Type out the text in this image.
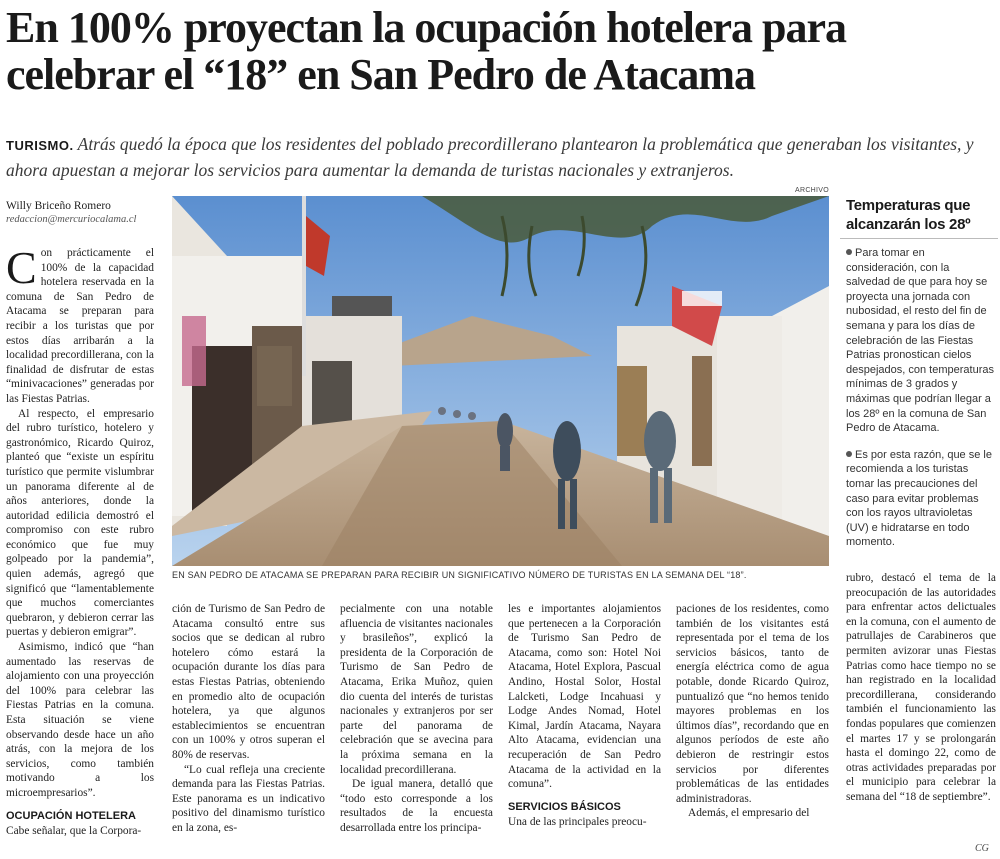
En 100% proyectan la ocupación hotelera para celebrar el “18” en San Pedro de Atacama

TURISMO. Atrás quedó la época que los residentes del poblado precordillerano plantearon la problemática que generaban los visitantes, y ahora apuestan a mejorar los servicios para aumentar la demanda de turistas nacionales y extranjeros.

Willy Briceño Romero
redaccion@mercuriocalama.cl
ARCHIVO
EN SAN PEDRO DE ATACAMA SE PREPARAN PARA RECIBIR UN SIGNIFICATIVO NÚMERO DE TURISTAS EN LA SEMANA DEL “18”.

Con prácticamente el 100% de la capacidad hotelera reservada en la comuna de San Pedro de Atacama se preparan para recibir a los turistas que por estos días arribarán a la localidad precordillerana, con la finalidad de disfrutar de estas “minivacaciones” generadas por las Fiestas Patrias.

Al respecto, el empresario del rubro turístico, hotelero y gastronómico, Ricardo Quiroz, planteó que “existe un espíritu turístico que permite vislumbrar un panorama diferente al de años anteriores, donde la autoridad edilicia demostró el compromiso con este rubro económico que fue muy golpeado por la pandemia”, quien además, agregó que significó que “lamentablemente que muchos comerciantes quebraron, y debieron cerrar las puertas y debieron emigrar”.

Asimismo, indicó que “han aumentado las reservas de alojamiento con una proyección del 100% para celebrar las Fiestas Patrias en la comuna. Esta situación se viene observando desde hace un año atrás, con la mejora de los servicios, como también motivando a los microempresarios”.

OCUPACIÓN HOTELERA

Cabe señalar, que la Corpora-

ción de Turismo de San Pedro de Atacama consultó entre sus socios que se dedican al rubro hotelero cómo estará la ocupación durante los días para estas Fiestas Patrias, obteniendo en promedio alto de ocupación hotelera, ya que algunos establecimientos se encuentran con un 100% y otros superan el 80% de reservas.

“Lo cual refleja una creciente demanda para las Fiestas Patrias. Este panorama es un indicativo positivo del dinamismo turístico en la zona, es-

pecialmente con una notable afluencia de visitantes nacionales y brasileños”, explicó la presidenta de la Corporación de Turismo de San Pedro de Atacama, Erika Muñoz, quien dio cuenta del interés de turistas nacionales y extranjeros por ser parte del panorama de celebración que se avecina para la próxima semana en la localidad precordillerana.

De igual manera, detalló que “todo esto corresponde a los resultados de la encuesta desarrollada entre los principa-

les e importantes alojamientos que pertenecen a la Corporación de Turismo San Pedro de Atacama, como son: Hotel Noi Atacama, Hotel Explora, Pascual Andino, Hostal Solor, Hostal Lalcketi, Lodge Incahuasi y Lodge Andes Nomad, Hotel Kimal, Jardín Atacama, Nayara Alto Atacama, evidencian una recuperación de San Pedro Atacama de la actividad en la comuna”.

SERVICIOS BÁSICOS

Una de las principales preocu-

paciones de los residentes, como también de los visitantes está representada por el tema de los servicios básicos, tanto de energía eléctrica como de agua potable, donde Ricardo Quiroz, puntualizó que “no hemos tenido mayores problemas en los últimos días”, recordando que en algunos períodos de este año debieron de restringir estos servicios por diferentes problemáticas de las entidades administradoras.

Además, el empresario del

rubro, destacó el tema de la preocupación de las autoridades para enfrentar actos delictuales en la comuna, con el aumento de patrullajes de Carabineros que permiten avizorar unas Fiestas Patrias como hace tiempo no se han registrado en la localidad precordillerana, considerando también el funcionamiento las fondas populares que comienzen el martes 17 y se prolongarán hasta el domingo 22, como de otras actividades preparadas por el municipio para celebrar la semana del “18 de septiembre”.

Temperaturas que alcanzarán los 28º

Para tomar en consideración, con la salvedad de que para hoy se proyecta una jornada con nubosidad, el resto del fin de semana y para los días de celebración de las Fiestas Patrias pronostican cielos despejados, con temperaturas mínimas de 3 grados y máximas que podrían llegar a los 28º en la comuna de San Pedro de Atacama.

Es por esta razón, que se le recomienda a los turistas tomar las precauciones del caso para evitar problemas con los rayos ultravioletas (UV) e hidratarse en todo momento.

CG
